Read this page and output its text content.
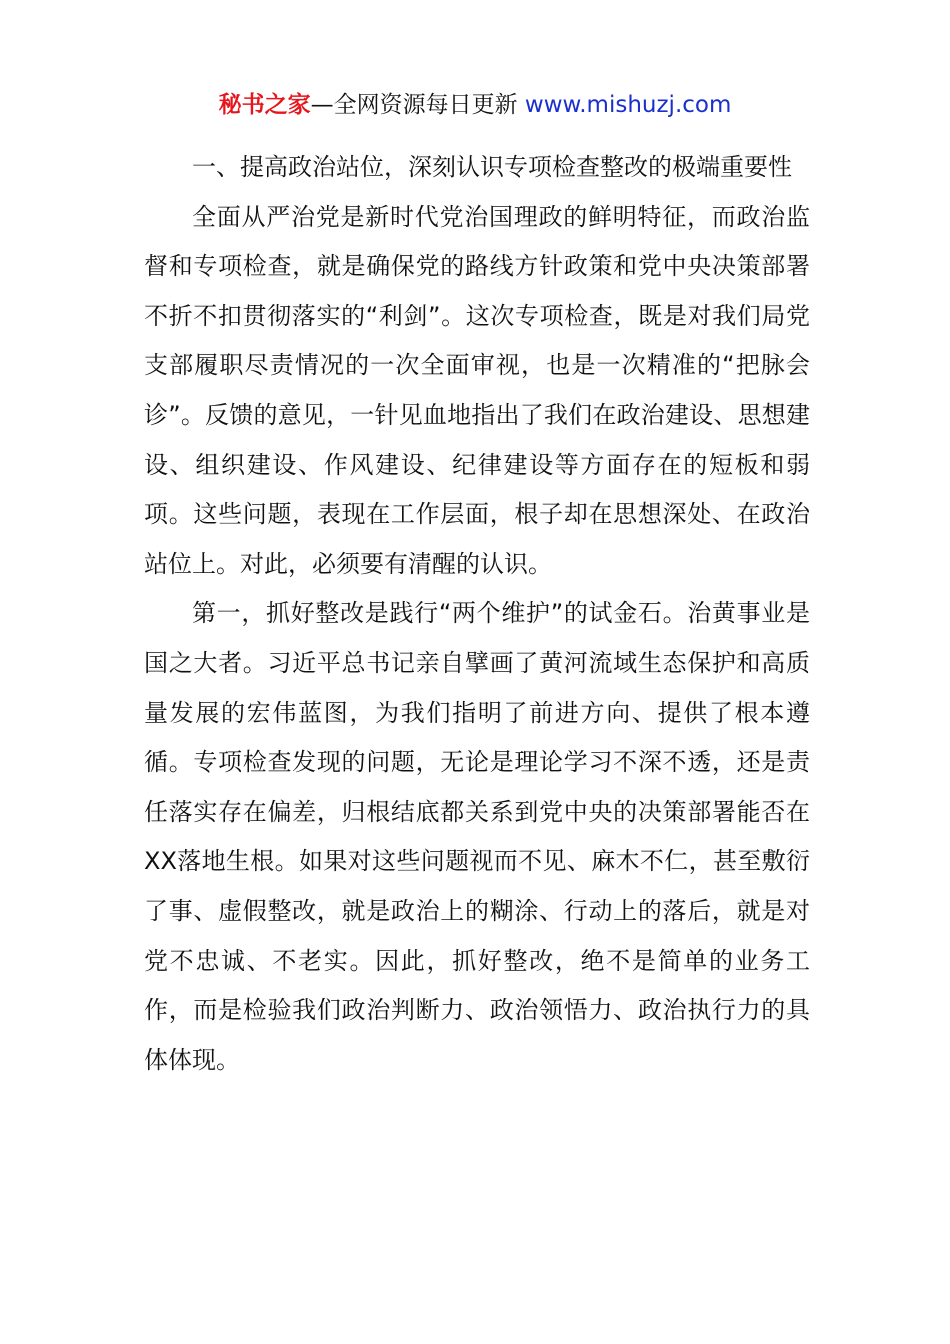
秘书之家—全网资源每日更新 www.mishuzj.com

一、提高政治站位，深刻认识专项检查整改的极端重要性

全面从严治党是新时代党治国理政的鲜明特征，而政治监督和专项检查，就是确保党的路线方针政策和党中央决策部署不折不扣贯彻落实的“利剑”。这次专项检查，既是对我们局党支部履职尽责情况的一次全面审视，也是一次精准的“把脉会诊”。反馈的意见，一针见血地指出了我们在政治建设、思想建设、组织建设、作风建设、纪律建设等方面存在的短板和弱项。这些问题，表现在工作层面，根子却在思想深处、在政治站位上。对此，必须要有清醒的认识。

第一，抓好整改是践行“两个维护”的试金石。治黄事业是国之大者。习近平总书记亲自擘画了黄河流域生态保护和高质量发展的宏伟蓝图，为我们指明了前进方向、提供了根本遵循。专项检查发现的问题，无论是理论学习不深不透，还是责任落实存在偏差，归根结底都关系到党中央的决策部署能否在XX落地生根。如果对这些问题视而不见、麻木不仁，甚至敷衍了事、虚假整改，就是政治上的糊涂、行动上的落后，就是对党不忠诚、不老实。因此，抓好整改，绝不是简单的业务工作，而是检验我们政治判断力、政治领悟力、政治执行力的具体体现。
